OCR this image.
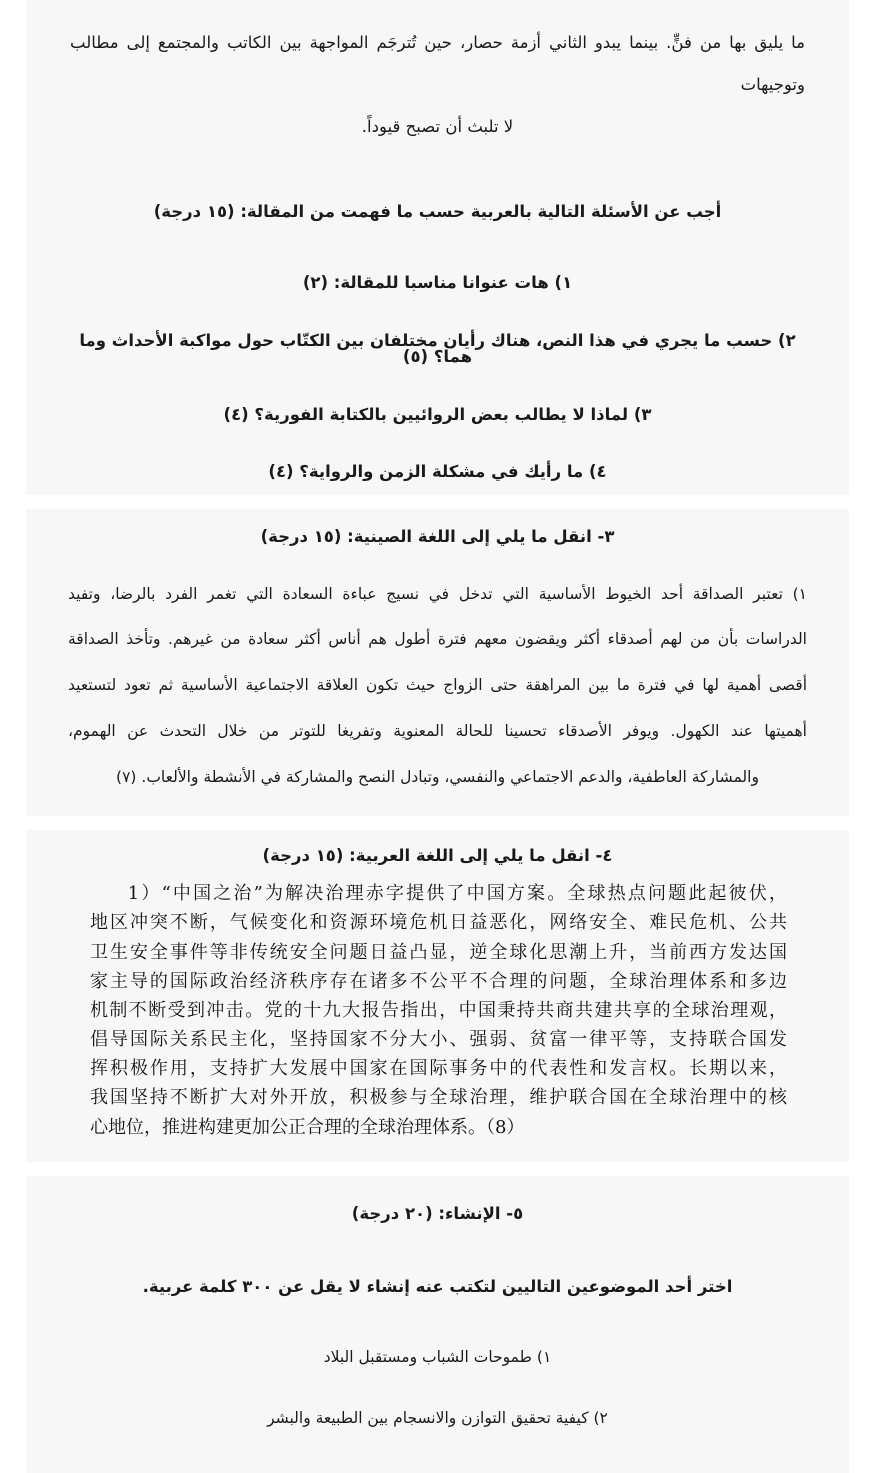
ما يليق بها من فنٍّ. بينما يبدو الثاني أزمة حصار، حين تُترجَم المواجهة بين الكاتب والمجتمع إلى مطالب وتوجيهات
لا تلبث أن تصبح قيوداً.
أجب عن الأسئلة التالية بالعربية حسب ما فهمت من المقالة: (١٥ درجة)
١) هات عنوانا مناسبا للمقالة: (٢)
٢) حسب ما يجري في هذا النص، هناك رأيان مختلفان بين الكتّاب حول مواكبة الأحداث وما هما؟ (٥)
٣) لماذا لا يطالب بعض الروائيين بالكتابة الفورية؟ (٤)
٤) ما رأيك في مشكلة الزمن والرواية؟ (٤)
٣- انقل ما يلي إلى اللغة الصينية: (١٥ درجة)
١) تعتبر الصداقة أحد الخيوط الأساسية التي تدخل في نسيج عباءة السعادة التي تغمر الفرد بالرضا، وتفيد
الدراسات بأن من لهم أصدقاء أكثر ويقضون معهم فترة أطول هم أناس أكثر سعادة من غيرهم. وتأخذ الصداقة
أقصى أهمية لها في فترة ما بين المراهقة حتى الزواج حيث تكون العلاقة الاجتماعية الأساسية ثم تعود لتستعيد
أهميتها عند الكهول. ويوفر الأصدقاء تحسينا للحالة المعنوية وتفريغا للتوتر من خلال التحدث عن الهموم،
والمشاركة العاطفية، والدعم الاجتماعي والنفسي، وتبادل النصح والمشاركة في الأنشطة والألعاب. (٧)
٤- انقل ما يلي إلى اللغة العربية: (١٥ درجة)
1）“中国之治”为解决治理赤字提供了中国方案。全球热点问题此起彼伏，
地区冲突不断，气候变化和资源环境危机日益恶化，网络安全、难民危机、公共
卫生安全事件等非传统安全问题日益凸显，逆全球化思潮上升，当前西方发达国
家主导的国际政治经济秩序存在诸多不公平不合理的问题，全球治理体系和多边
机制不断受到冲击。党的十九大报告指出，中国秉持共商共建共享的全球治理观，
倡导国际关系民主化，坚持国家不分大小、强弱、贫富一律平等，支持联合国发
挥积极作用，支持扩大发展中国家在国际事务中的代表性和发言权。长期以来，
我国坚持不断扩大对外开放，积极参与全球治理，维护联合国在全球治理中的核
心地位，推进构建更加公正合理的全球治理体系。（8）
٥- الإنشاء: (٢٠ درجة)
اختر أحد الموضوعين التاليين لتكتب عنه إنشاء لا يقل عن ٣٠٠ كلمة عربية.
١) طموحات الشباب ومستقبل البلاد
٢) كيفية تحقيق التوازن والانسجام بين الطبيعة والبشر
